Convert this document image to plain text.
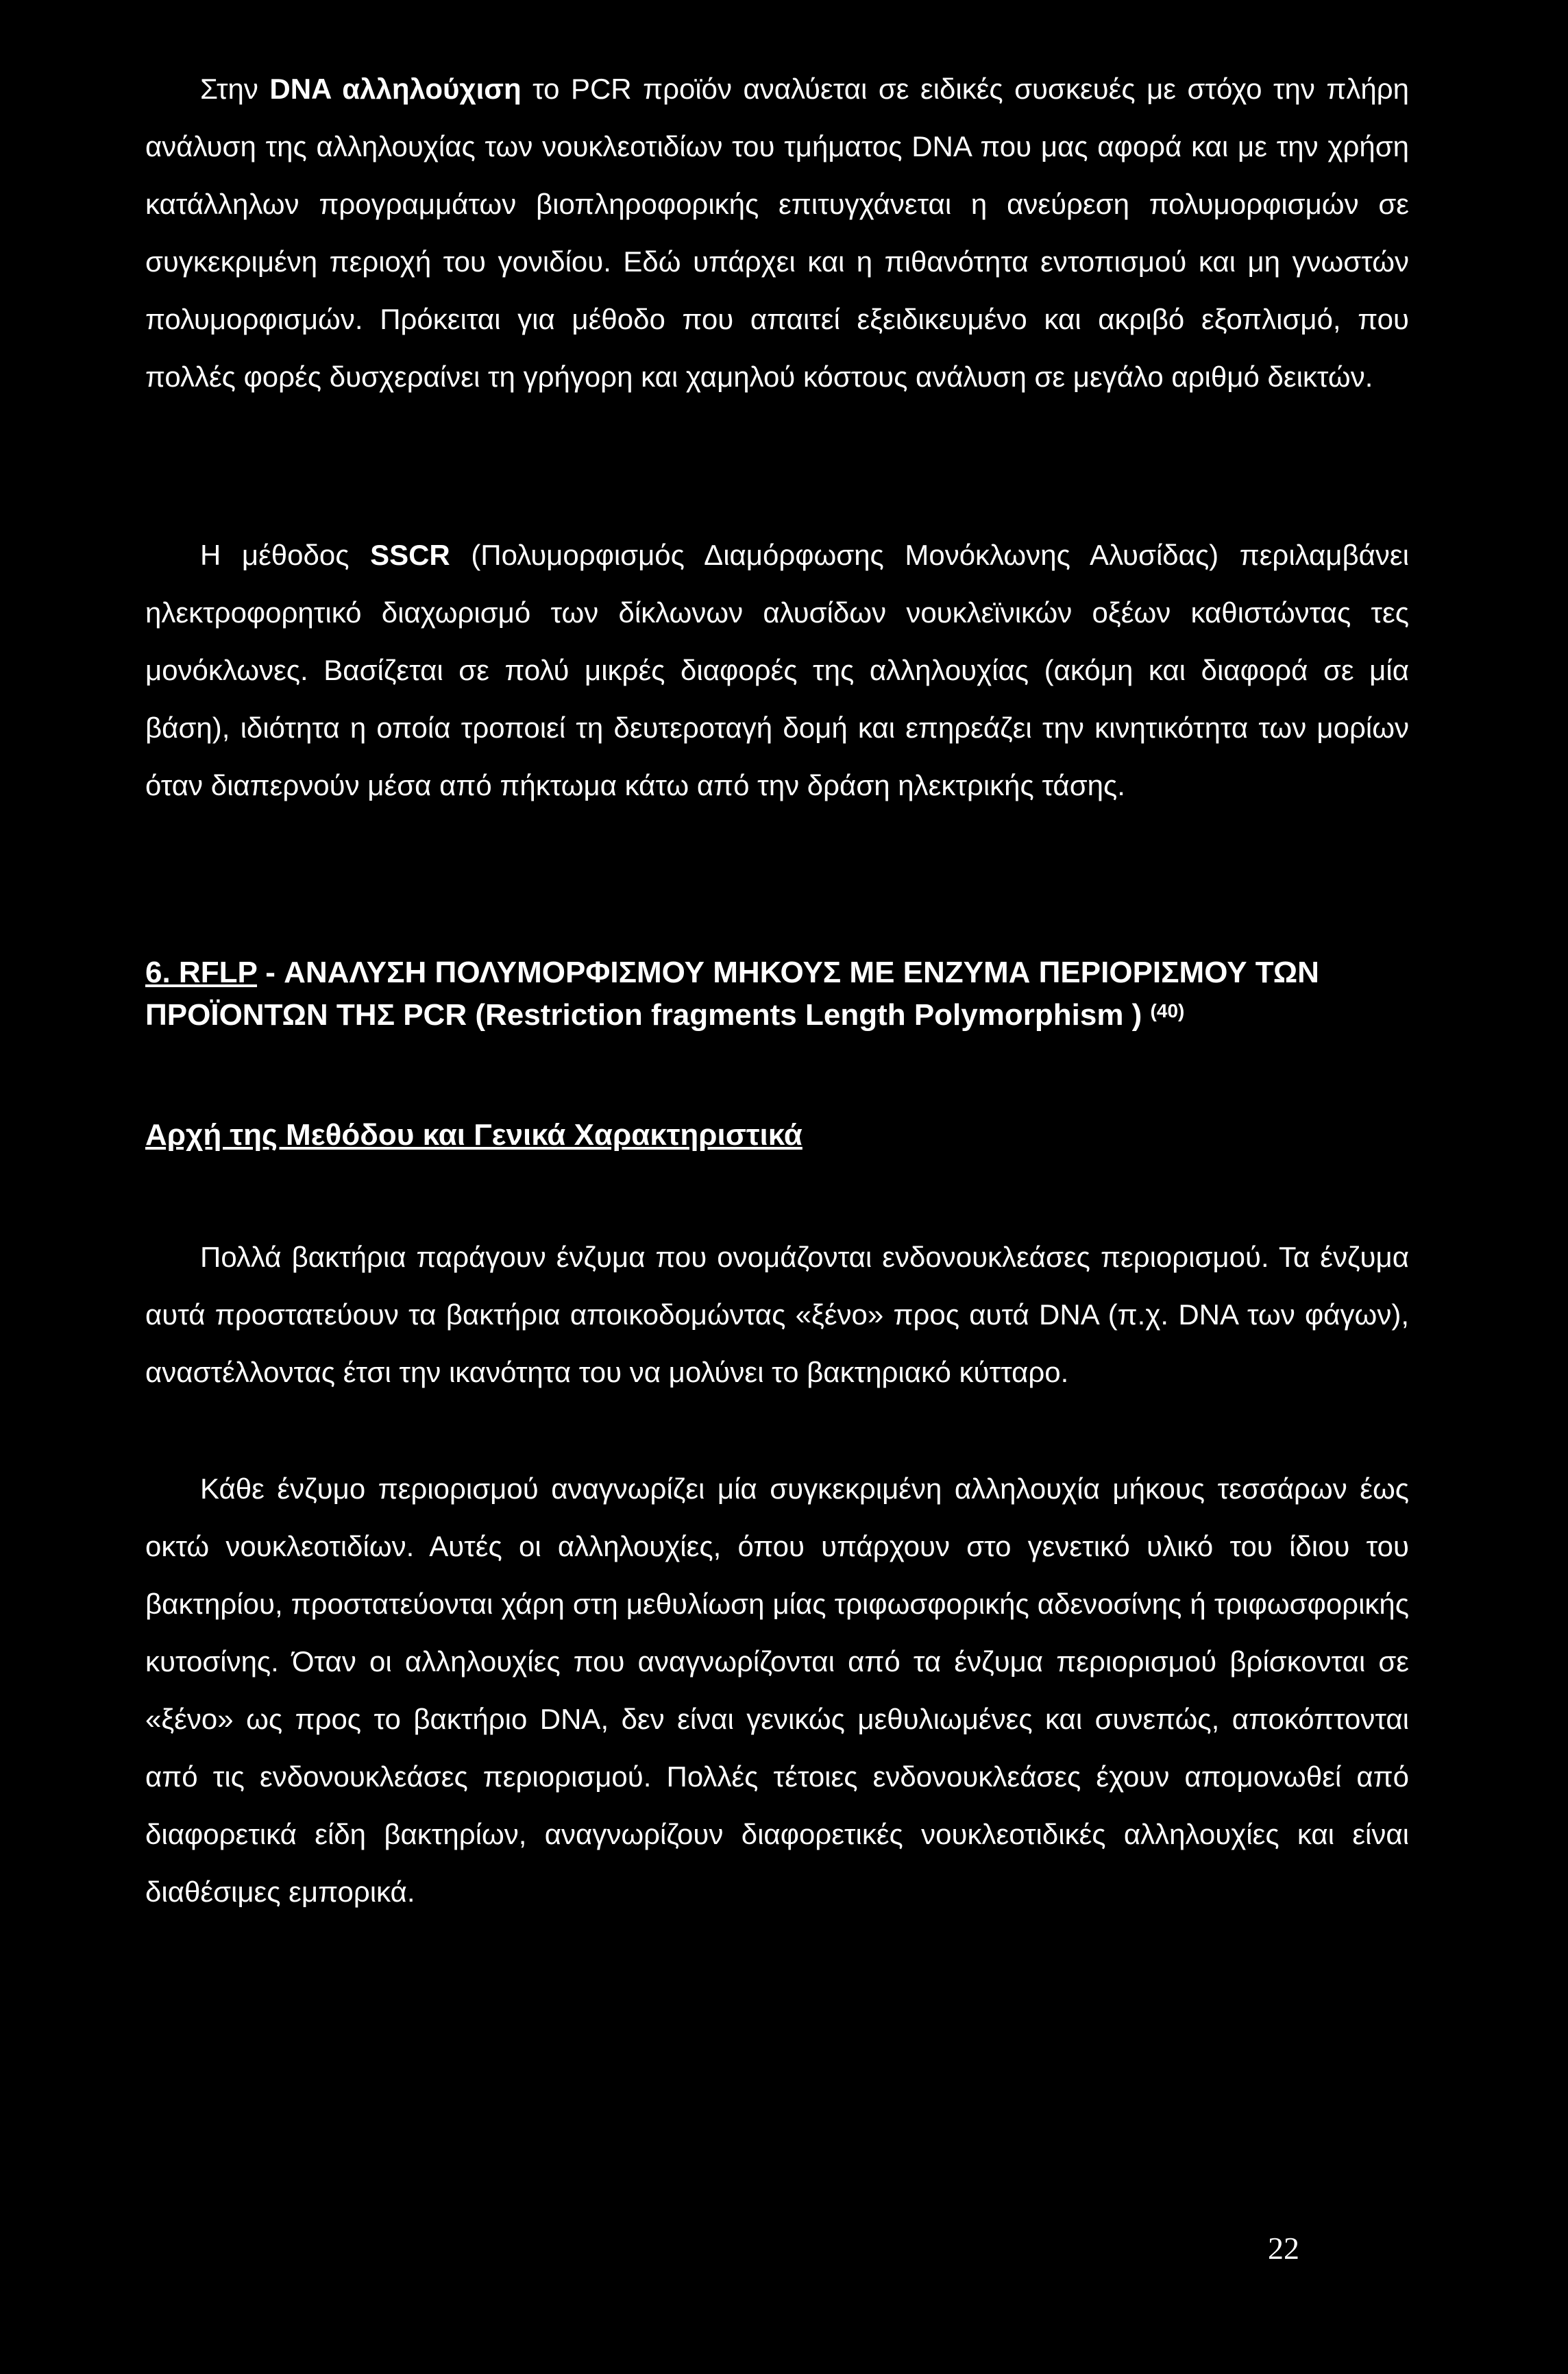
Στην DNA αλληλούχιση το PCR προϊόν αναλύεται σε ειδικές συσκευές με στόχο την πλήρη ανάλυση της αλληλουχίας των νουκλεοτιδίων του τμήματος DNA που μας αφορά και με την χρήση κατάλληλων προγραμμάτων βιοπληροφορικής επιτυγχάνεται η ανεύρεση πολυμορφισμών σε συγκεκριμένη περιοχή του γονιδίου. Εδώ υπάρχει και η πιθανότητα εντοπισμού και μη γνωστών πολυμορφισμών. Πρόκειται για μέθοδο που απαιτεί εξειδικευμένο και ακριβό εξοπλισμό, που πολλές φορές δυσχεραίνει τη γρήγορη και χαμηλού κόστους ανάλυση σε μεγάλο αριθμό δεικτών.

Η μέθοδος SSCR (Πολυμορφισμός Διαμόρφωσης Μονόκλωνης Αλυσίδας) περιλαμβάνει ηλεκτροφορητικό διαχωρισμό των δίκλωνων αλυσίδων νουκλεϊνικών οξέων καθιστώντας τες μονόκλωνες. Βασίζεται σε πολύ μικρές διαφορές της αλληλουχίας (ακόμη και διαφορά σε μία βάση), ιδιότητα η οποία τροποιεί τη δευτεροταγή δομή και επηρεάζει την κινητικότητα των μορίων όταν διαπερνούν μέσα από πήκτωμα κάτω από την δράση ηλεκτρικής τάσης.

6. RFLP - ΑΝΑΛΥΣΗ ΠΟΛΥΜΟΡΦΙΣΜΟΥ ΜΗΚΟΥΣ ΜΕ ΕΝΖΥΜΑ ΠΕΡΙΟΡΙΣΜΟΥ ΤΩΝ ΠΡΟΪΟΝΤΩΝ ΤΗΣ PCR (Restriction fragments Length Polymorphism ) $^{(40)}$

Αρχή της Μεθόδου και Γενικά Χαρακτηριστικά

Πολλά βακτήρια παράγουν ένζυμα που ονομάζονται ενδονουκλεάσες περιορισμού. Τα ένζυμα αυτά προστατεύουν τα βακτήρια αποικοδομώντας «ξένο» προς αυτά DNA (π.χ. DNA των φάγων), αναστέλλοντας έτσι την ικανότητα του να μολύνει το βακτηριακό κύτταρο.

Κάθε ένζυμο περιορισμού αναγνωρίζει μία συγκεκριμένη αλληλουχία μήκους τεσσάρων έως οκτώ νουκλεοτιδίων. Αυτές οι αλληλουχίες, όπου υπάρχουν στο γενετικό υλικό του ίδιου του βακτηρίου, προστατεύονται χάρη στη μεθυλίωση μίας τριφωσφορικής αδενοσίνης ή τριφωσφορικής κυτοσίνης. Όταν οι αλληλουχίες που αναγνωρίζονται από τα ένζυμα περιορισμού βρίσκονται σε «ξένο» ως προς το βακτήριο DNA, δεν είναι γενικώς μεθυλιωμένες και συνεπώς, αποκόπτονται από τις ενδονουκλεάσες περιορισμού. Πολλές τέτοιες ενδονουκλεάσες έχουν απομονωθεί από διαφορετικά είδη βακτηρίων, αναγνωρίζουν διαφορετικές νουκλεοτιδικές αλληλουχίες και είναι διαθέσιμες εμπορικά.

22
